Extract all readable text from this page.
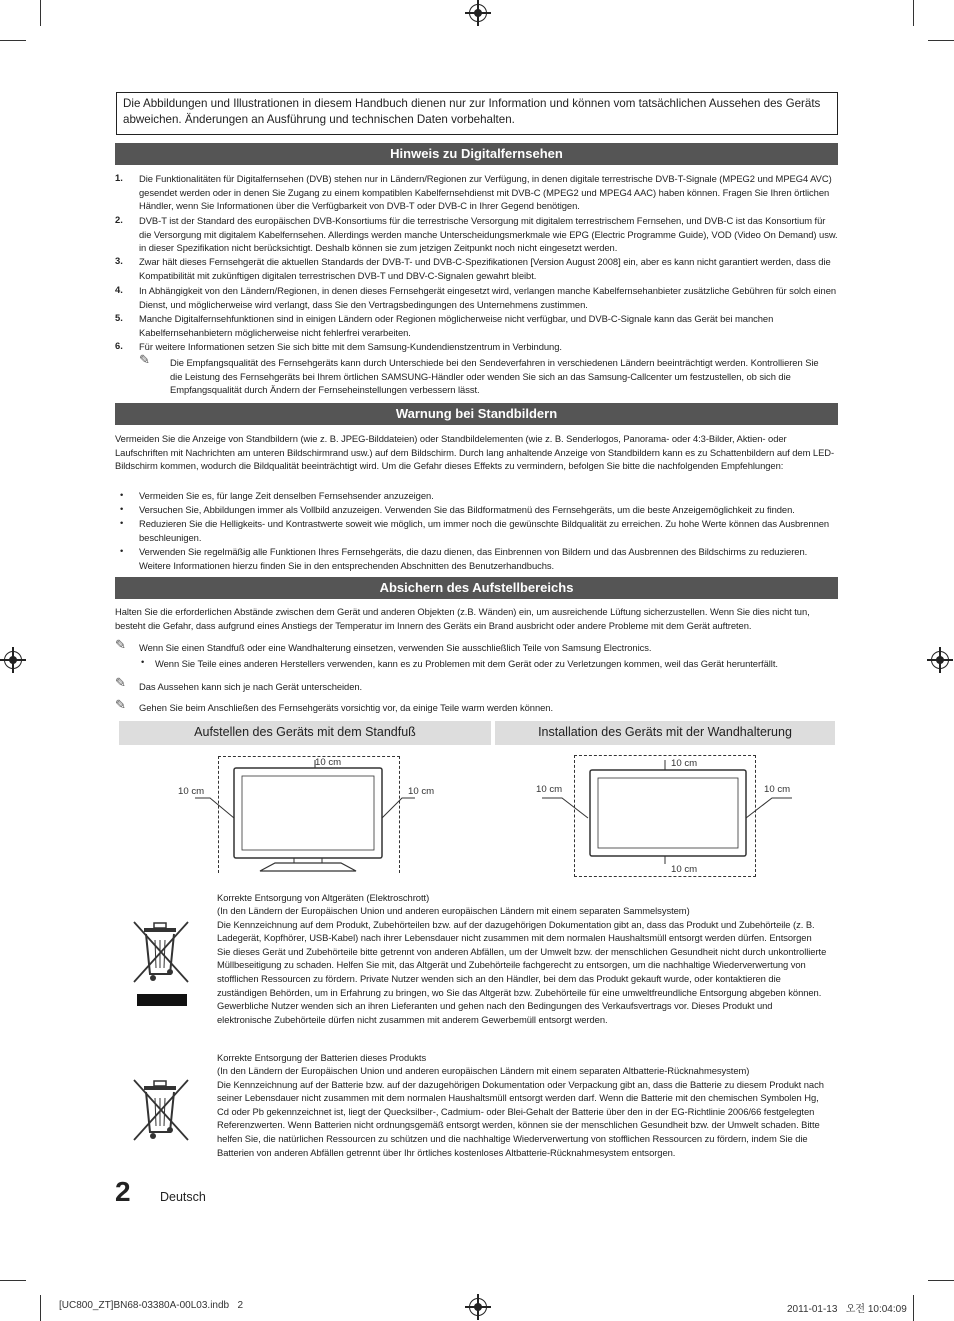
Die Abbildungen und Illustrationen in diesem Handbuch dienen nur zur Information und können vom tatsächlichen Aussehen des Geräts abweichen. Änderungen an Ausführung und technischen Daten vorbehalten.
Hinweis zu Digitalfernsehen
1. Die Funktionalitäten für Digitalfernsehen (DVB) stehen nur in Ländern/Regionen zur Verfügung, in denen digitale terrestrische DVB-T-Signale (MPEG2 und MPEG4 AVC) gesendet werden oder in denen Sie Zugang zu einem kompatiblen Kabelfernsehdienst mit DVB-C (MPEG2 und MPEG4 AAC) haben können. Fragen Sie Ihren örtlichen Händler, wenn Sie Informationen über die Verfügbarkeit von DVB-T oder DVB-C in Ihrer Gegend benötigen.
2. DVB-T ist der Standard des europäischen DVB-Konsortiums für die terrestrische Versorgung mit digitalem terrestrischem Fernsehen, und DVB-C ist das Konsortium für die Versorgung mit digitalem Kabelfernsehen. Allerdings werden manche Unterscheidungsmerkmale wie EPG (Electric Programme Guide), VOD (Video On Demand) usw. in dieser Spezifikation nicht berücksichtigt. Deshalb können sie zum jetzigen Zeitpunkt noch nicht eingesetzt werden.
3. Zwar hält dieses Fernsehgerät die aktuellen Standards der DVB-T- und DVB-C-Spezifikationen [Version August 2008] ein, aber es kann nicht garantiert werden, dass die Kompatibilität mit zukünftigen digitalen terrestrischen DVB-T und DBV-C-Signalen gewahrt bleibt.
4. In Abhängigkeit von den Ländern/Regionen, in denen dieses Fernsehgerät eingesetzt wird, verlangen manche Kabelfernsehanbieter zusätzliche Gebühren für solch einen Dienst, und möglicherweise wird verlangt, dass Sie den Vertragsbedingungen des Unternehmens zustimmen.
5. Manche Digitalfernsehfunktionen sind in einigen Ländern oder Regionen möglicherweise nicht verfügbar, und DVB-C-Signale kann das Gerät bei manchen Kabelfernsehanbietern möglicherweise nicht fehlerfrei verarbeiten.
6. Für weitere Informationen setzen Sie sich bitte mit dem Samsung-Kundendienstzentrum in Verbindung.
✎ Die Empfangsqualität des Fernsehgeräts kann durch Unterschiede bei den Sendeverfahren in verschiedenen Ländern beeinträchtigt werden. Kontrollieren Sie die Leistung des Fernsehgeräts bei Ihrem örtlichen SAMSUNG-Händler oder wenden Sie sich an das Samsung-Callcenter um festzustellen, ob sich die Empfangsqualität durch Ändern der Fernseheinstellungen verbessern lässt.
Warnung bei Standbildern
Vermeiden Sie die Anzeige von Standbildern (wie z. B. JPEG-Bilddateien) oder Standbildelementen (wie z. B. Senderlogos, Panorama- oder 4:3-Bilder, Aktien- oder Laufschriften mit Nachrichten am unteren Bildschirmrand usw.) auf dem Bildschirm. Durch lang anhaltende Anzeige von Standbildern kann es zu Schattenbildern auf dem LED-Bildschirm kommen, wodurch die Bildqualität beeinträchtigt wird. Um die Gefahr dieses Effekts zu vermindern, befolgen Sie bitte die nachfolgenden Empfehlungen:
• Vermeiden Sie es, für lange Zeit denselben Fernsehsender anzuzeigen.
• Versuchen Sie, Abbildungen immer als Vollbild anzuzeigen. Verwenden Sie das Bildformatmenü des Fernsehgeräts, um die beste Anzeigemöglichkeit zu finden.
• Reduzieren Sie die Helligkeits- und Kontrastwerte soweit wie möglich, um immer noch die gewünschte Bildqualität zu erreichen. Zu hohe Werte können das Ausbrennen beschleunigen.
• Verwenden Sie regelmäßig alle Funktionen Ihres Fernsehgeräts, die dazu dienen, das Einbrennen von Bildern und das Ausbrennen des Bildschirms zu reduzieren. Weitere Informationen hierzu finden Sie in den entsprechenden Abschnitten des Benutzerhandbuchs.
Absichern des Aufstellbereichs
Halten Sie die erforderlichen Abstände zwischen dem Gerät und anderen Objekten (z.B. Wänden) ein, um ausreichende Lüftung sicherzustellen. Wenn Sie dies nicht tun, besteht die Gefahr, dass aufgrund eines Anstiegs der Temperatur im Innern des Geräts ein Brand ausbricht oder andere Probleme mit dem Gerät auftreten.
✎ Wenn Sie einen Standfuß oder eine Wandhalterung einsetzen, verwenden Sie ausschließlich Teile von Samsung Electronics.
• Wenn Sie Teile eines anderen Herstellers verwenden, kann es zu Problemen mit dem Gerät oder zu Verletzungen kommen, weil das Gerät herunterfällt.
✎ Das Aussehen kann sich je nach Gerät unterscheiden.
✎ Gehen Sie beim Anschließen des Fernsehgeräts vorsichtig vor, da einige Teile warm werden können.
Aufstellen des Geräts mit dem Standfuß	Installation des Geräts mit der Wandhalterung
10 cm
10 cm	10 cm
10 cm
10 cm	10 cm
10 cm
Korrekte Entsorgung von Altgeräten (Elektroschrott)
(In den Ländern der Europäischen Union und anderen europäischen Ländern mit einem separaten Sammelsystem)
Die Kennzeichnung auf dem Produkt, Zubehörteilen bzw. auf der dazugehörigen Dokumentation gibt an, dass das Produkt und Zubehörteile (z. B. Ladegerät, Kopfhörer, USB-Kabel) nach ihrer Lebensdauer nicht zusammen mit dem normalen Haushaltsmüll entsorgt werden dürfen. Entsorgen Sie dieses Gerät und Zubehörteile bitte getrennt von anderen Abfällen, um der Umwelt bzw. der menschlichen Gesundheit nicht durch unkontrollierte Müllbeseitigung zu schaden. Helfen Sie mit, das Altgerät und Zubehörteile fachgerecht zu entsorgen, um die nachhaltige Wiederverwertung von stofflichen Ressourcen zu fördern. Private Nutzer wenden sich an den Händler, bei dem das Produkt gekauft wurde, oder kontaktieren die zuständigen Behörden, um in Erfahrung zu bringen, wo Sie das Altgerät bzw. Zubehörteile für eine umweltfreundliche Entsorgung abgeben können. Gewerbliche Nutzer wenden sich an ihren Lieferanten und gehen nach den Bedingungen des Verkaufsvertrags vor. Dieses Produkt und elektronische Zubehörteile dürfen nicht zusammen mit anderem Gewerbemüll entsorgt werden.
Korrekte Entsorgung der Batterien dieses Produkts
(In den Ländern der Europäischen Union und anderen europäischen Ländern mit einem separaten Altbatterie-Rücknahmesystem)
Die Kennzeichnung auf der Batterie bzw. auf der dazugehörigen Dokumentation oder Verpackung gibt an, dass die Batterie zu diesem Produkt nach seiner Lebensdauer nicht zusammen mit dem normalen Haushaltsmüll entsorgt werden darf. Wenn die Batterie mit den chemischen Symbolen Hg, Cd oder Pb gekennzeichnet ist, liegt der Quecksilber-, Cadmium- oder Blei-Gehalt der Batterie über den in der EG-Richtlinie 2006/66 festgelegten Referenzwerten. Wenn Batterien nicht ordnungsgemäß entsorgt werden, können sie der menschlichen Gesundheit bzw. der Umwelt schaden. Bitte helfen Sie, die natürlichen Ressourcen zu schützen und die nachhaltige Wiederverwertung von stofflichen Ressourcen zu fördern, indem Sie die Batterien von anderen Abfällen getrennt über Ihr örtliches kostenloses Altbatterie-Rücknahmesystem entsorgen.
2 Deutsch
[UC800_ZT]BN68-03380A-00L03.indb   2	2011-01-13   오전 10:04:09
